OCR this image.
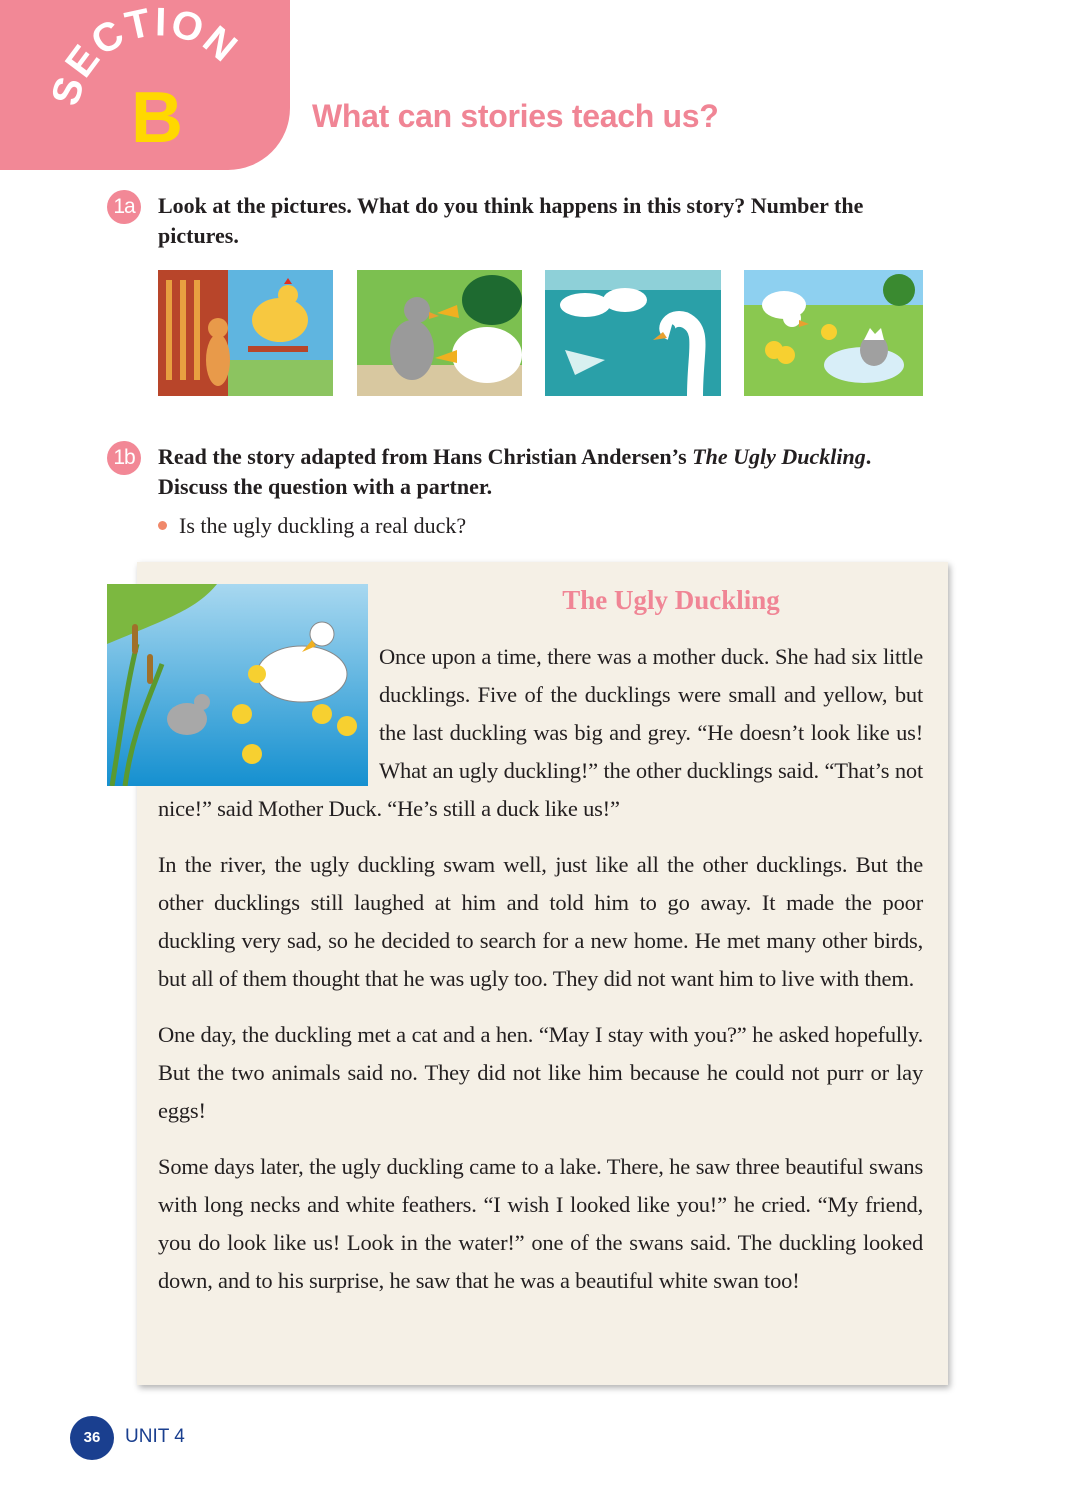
SECTION
B	What can stories teach us?
1a Look at the pictures. What do you think happens in this story? Number the pictures.
1b Read the story adapted from Hans Christian Andersen’s The Ugly Duckling. Discuss the question with a partner.
Is the ugly duckling a real duck?
The Ugly Duckling

Once upon a time, there was a mother duck. She had six little ducklings. Five of the ducklings were small and yellow, but the last duckling was big and grey. “He doesn’t look like us! What an ugly duckling!” the other ducklings said. “That’s not nice!” said Mother Duck. “He’s still a duck like us!”

In the river, the ugly duckling swam well, just like all the other ducklings. But the other ducklings still laughed at him and told him to go away. It made the poor duckling very sad, so he decided to search for a new home. He met many other birds, but all of them thought that he was ugly too. They did not want him to live with them.

One day, the duckling met a cat and a hen. “May I stay with you?” he asked hopefully. But the two animals said no. They did not like him because he could not purr or lay eggs!

Some days later, the ugly duckling came to a lake. There, he saw three beautiful swans with long necks and white feathers. “I wish I looked like you!” he cried. “My friend, you do look like us! Look in the water!” one of the swans said. The duckling looked down, and to his surprise, he saw that he was a beautiful white swan too!

36	UNIT 4
